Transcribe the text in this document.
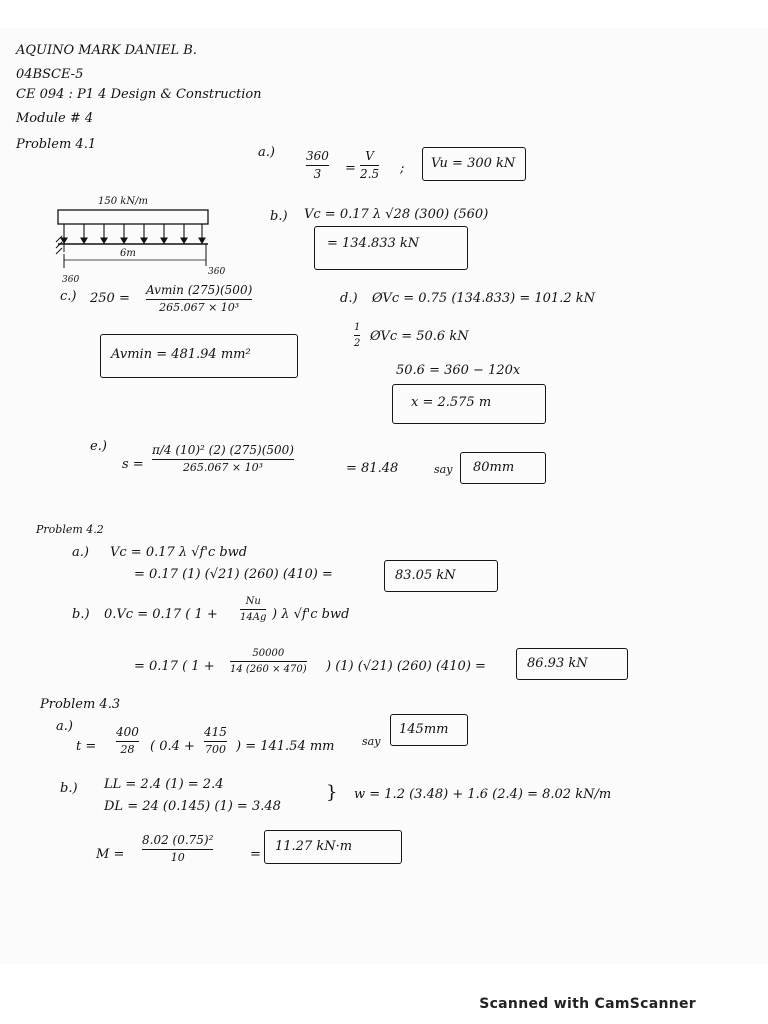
AQUINO MARK DANIEL B.
04BSCE-5
CE 094 : P1 4 Design & Construction
Module # 4
Problem 4.1
150 kN/m
6m
360
360
a.)	360
3 =
V
2.5 ; Vu = 300 kN
b.) Vc = 0.17 λ √28 (300) (560)
= 134.833 kN
c.) 250 =
Avmin (275)(500)
265.067 × 10³
Avmin = 481.94 mm²
d.) ØVc = 0.75 (134.833) = 101.2 kN
1
2 ØVc = 50.6 kN
50.6 = 360 − 120x
x = 2.575 m
e.)
s =
π/4 (10)² (2) (275)(500)
265.067 × 10³	= 81.48	say 80mm
Problem 4.2
a.) Vc = 0.17 λ √f'c bwd
= 0.17 (1) (√21) (260) (410) =	83.05 kN
b.) 0.Vc = 0.17 ( 1 +
Nu
14Ag ) λ √f'c bwd
= 0.17 ( 1 +
50000
14 (260 × 470) ) (1) (√21) (260) (410) =	86.93 kN
Problem 4.3
a.)
t =
400
28 ( 0.4 +
415
700 ) = 141.54 mm say
145mm
b.) LL = 2.4 (1) = 2.4
DL = 24 (0.145) (1) = 3.48
} w = 1.2 (3.48) + 1.6 (2.4) = 8.02 kN/m
M =
8.02 (0.75)²
10	=
11.27 kN·m
Scanned with CamScanner
